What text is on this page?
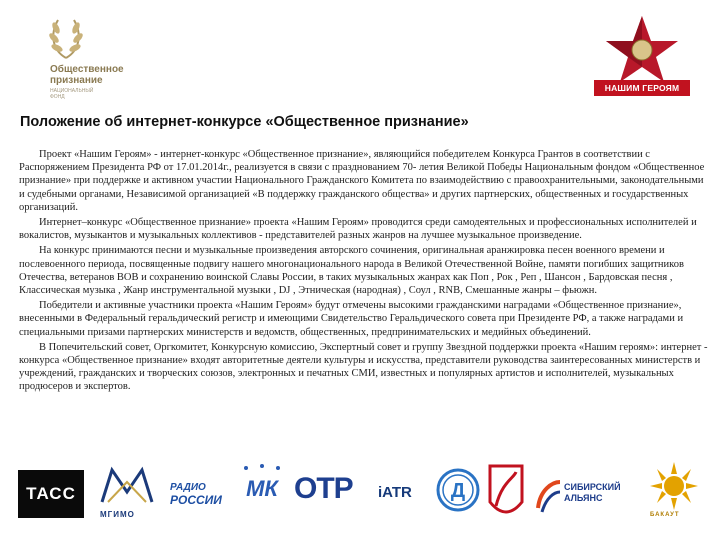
Общественное
признание
НАЦИОНАЛЬНЫЙ
ФОНД
НАШИМ ГЕРОЯМ
Положение об интернет-конкурсе «Общественное признание»

Проект «Нашим Героям» - интернет-конкурс «Общественное признание», являющийся победителем Конкурса Грантов в соответствии с Распоряжением Президента РФ от 17.01.2014г., реализуется в связи с празднованием 70- летия Великой Победы Национальным фондом «Общественное признание» при поддержке и активном участии Национального Гражданского Комитета по взаимодействию с правоохранительными, законодательными и судебными органами, Независимой организацией «В поддержку гражданского общества» и других партнерских, общественных и государственных организаций.

Интернет–конкурс «Общественное признание» проекта «Нашим Героям» проводится среди самодеятельных и профессиональных исполнителей и вокалистов, музыкантов и музыкальных коллективов - представителей разных жанров на лучшее музыкальное произведение.

На конкурс принимаются песни и музыкальные произведения авторского сочинения, оригинальная аранжировка песен военного времени и послевоенного периода, посвященные подвигу нашего многонационального народа в Великой Отечественной Войне, памяти погибших защитников Отечества, ветеранов ВОВ и сохранению воинской Славы России, в таких музыкальных жанрах как Поп , Рок , Реп , Шансон , Бардовская песня , Классическая музыка , Жанр инструментальной музыки , DJ , Этническая (народная) , Соул , RNB, Смешанные жанры – фьюжн.

Победители и активные участники проекта «Нашим Героям» будут отмечены высокими гражданскими наградами «Общественное признание», внесенными в Федеральный геральдический регистр и имеющими Свидетельство Геральдического совета при Президенте РФ, а также наградами и специальными призами партнерских министерств и ведомств, общественных, предпринимательских и медийных объединений.

В Попечительский совет, Оргкомитет, Конкурсную комиссию, Экспертный совет и группу Звездной поддержки проекта «Нашим героям»: интернет - конкурса «Общественное признание» входят авторитетные деятели культуры и искусства, представители руководства заинтересованных министерств и учреждений, гражданских и творческих союзов, электронных и печатных СМИ, известных и популярных артистов и исполнителей, музыкальных продюсеров и экспертов.

ТАСС
МГИМО
РАДИО
РОССИИ	МК ОТР iATR Д	СИБИРСКИЙ
АЛЬЯНС
БАКАУТ
